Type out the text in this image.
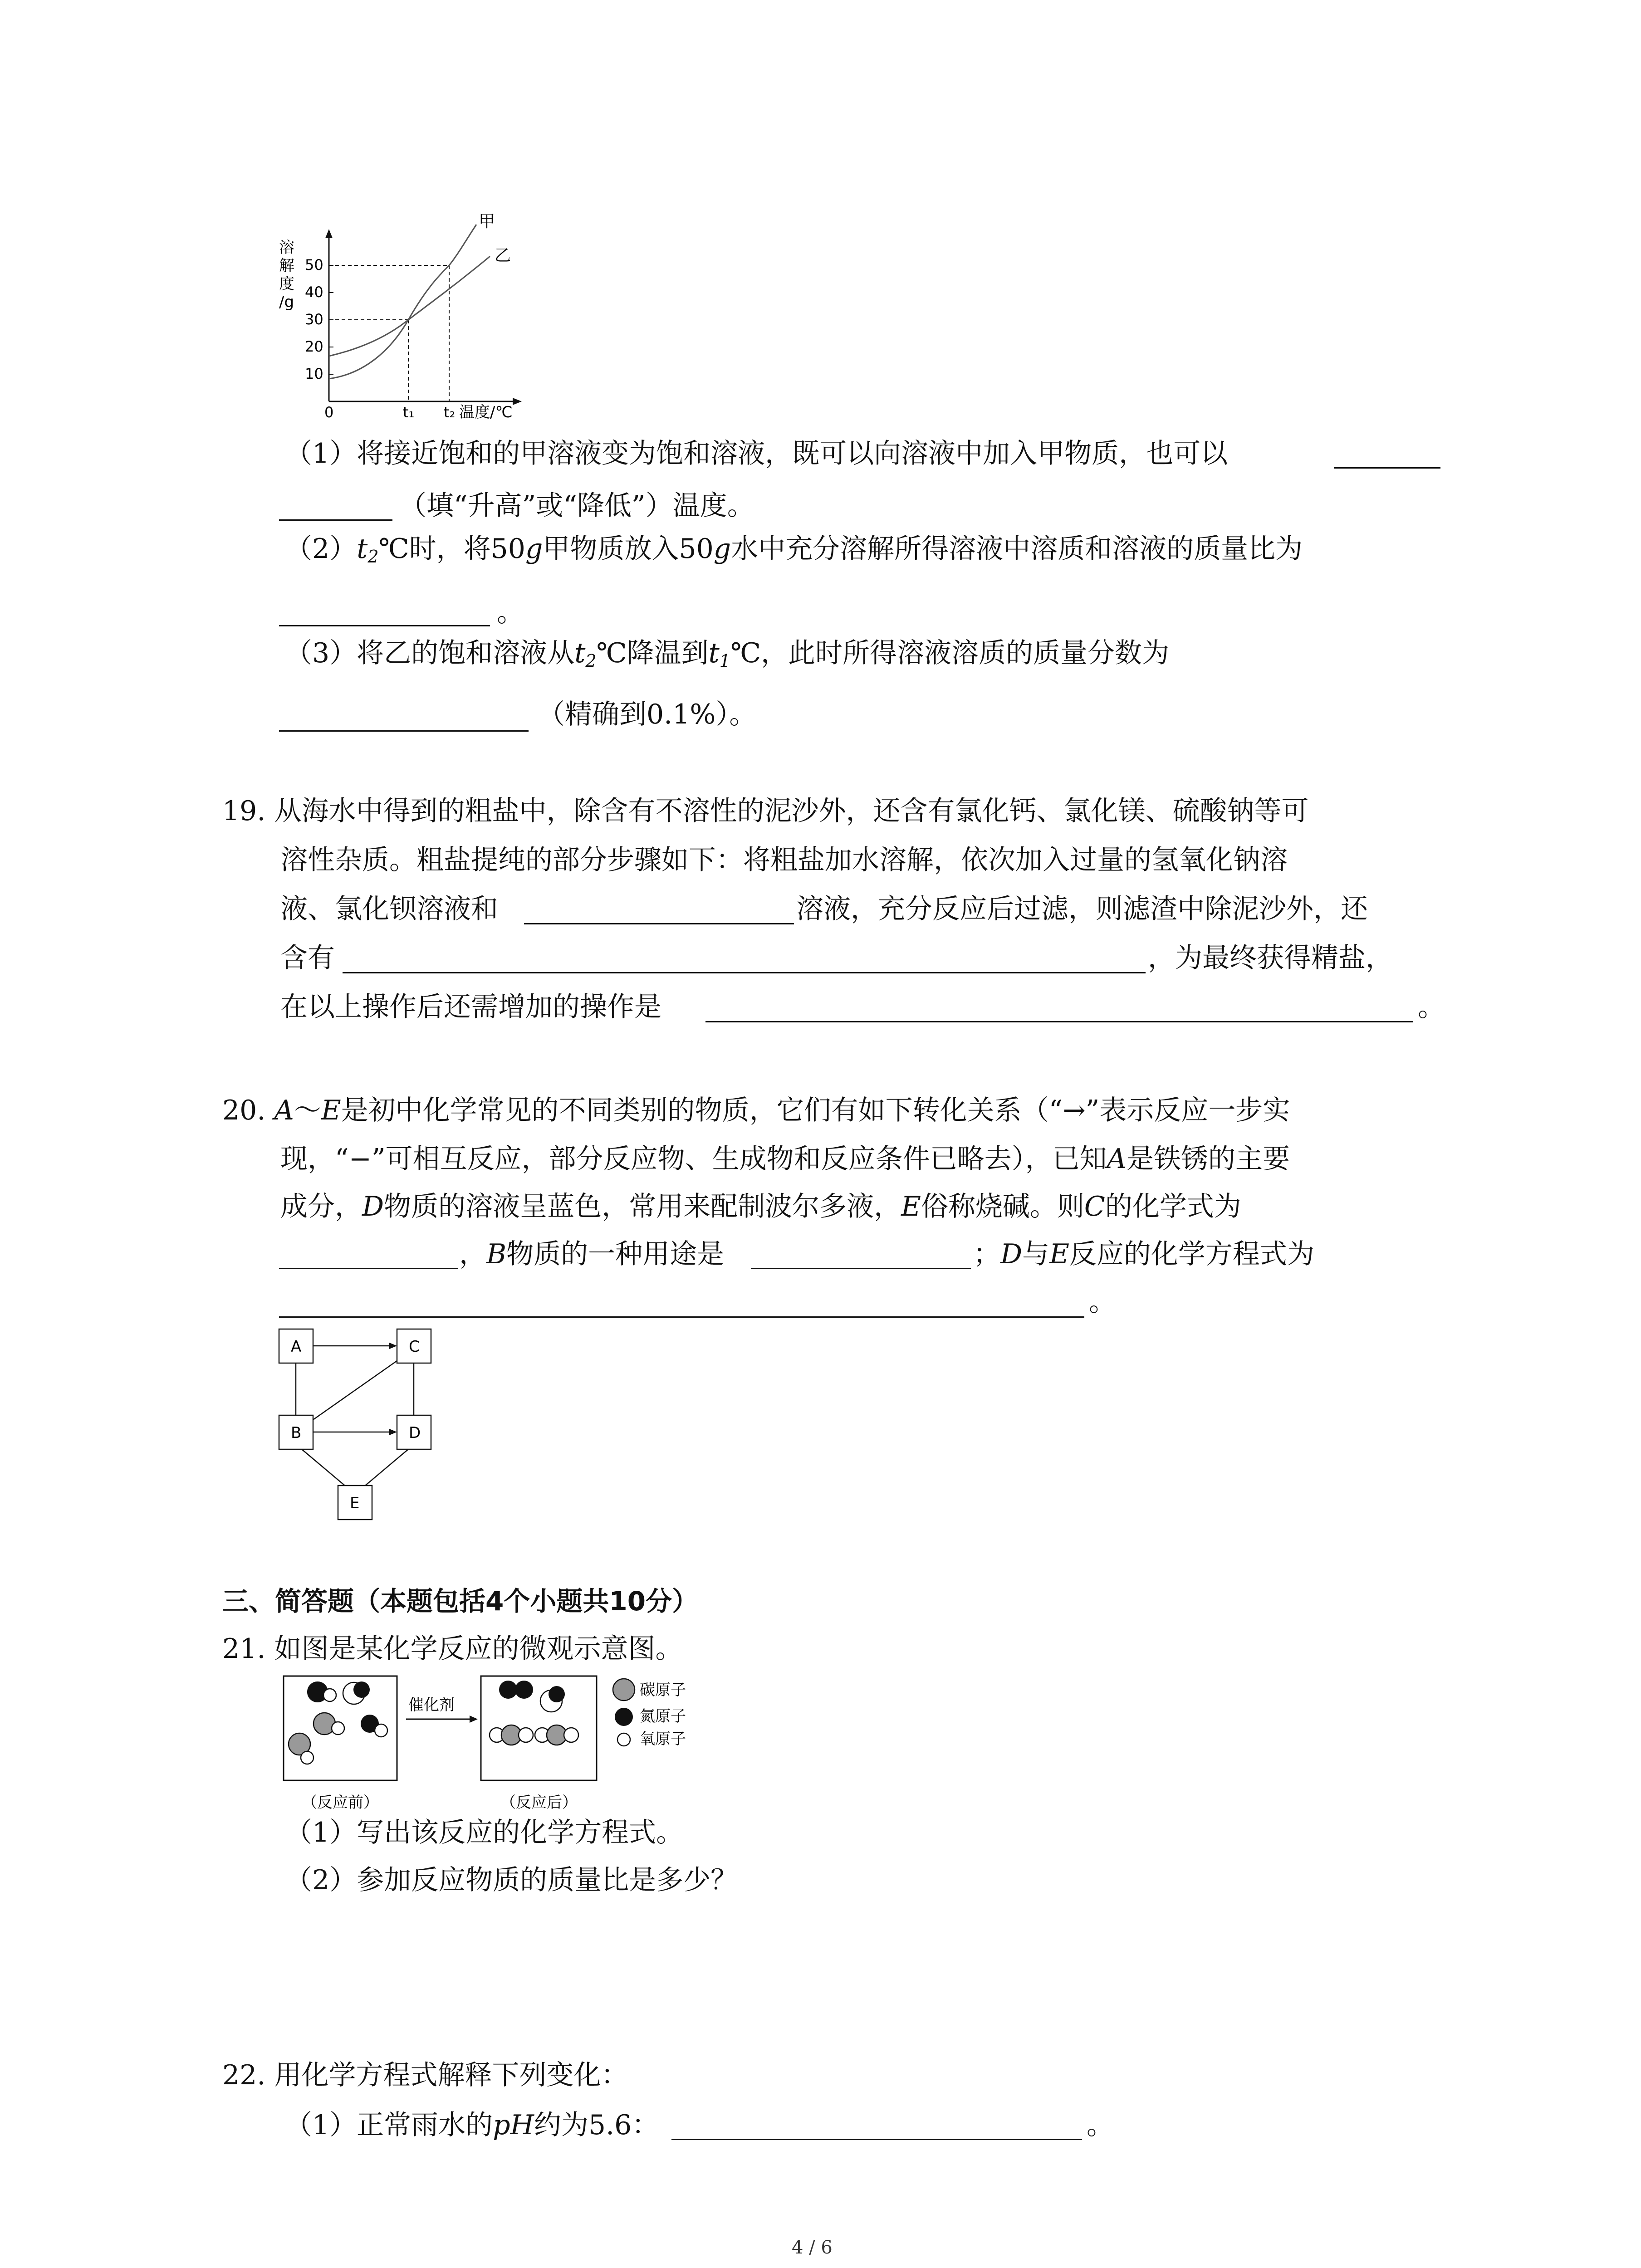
溶
解
度
/g
50
40
30
20
10
甲
乙
0	t₁ t₂ 温度/℃
（1）将接近饱和的甲溶液变为饱和溶液，既可以向溶液中加入甲物质，也可以
（填“升高”或“降低”）温度。
$(2)t_2℃$时，将50g甲物质放入50g水中充分溶解所得溶液中溶质和溶液的质量比为
。
（3）将乙的饱和溶液从$t_2℃$降温到$t_1℃$，此时所得溶液溶质的质量分数为
（精确到0.1%）。
19. 从海水中得到的粗盐中，除含有不溶性的泥沙外，还含有氯化钙、氯化镁、硫酸钠等可
溶性杂质。粗盐提纯的部分步骤如下：将粗盐加水溶解，依次加入过量的氢氧化钠溶
液、氯化钡溶液和	溶液，充分反应后过滤，则滤渣中除泥沙外，还
含有	，为最终获得精盐，
在以上操作后还需增加的操作是	。
20. A～E是初中化学常见的不同类别的物质，它们有如下转化关系（“→”表示反应一步实
现，“−”可相互反应，部分反应物、生成物和反应条件已略去），已知A是铁锈的主要
成分，D物质的溶液呈蓝色，常用来配制波尔多液，E俗称烧碱。则C的化学式为
，B物质的一种用途是	；D与E反应的化学方程式为
。
A	C
B	D
E
三、简答题（本题包括4个小题共10分）
21. 如图是某化学反应的微观示意图。
催化剂
碳原子
氮原子
氧原子
（反应前）	（反应后）
（1）写出该反应的化学方程式。
（2）参加反应物质的质量比是多少？
22. 用化学方程式解释下列变化：
（1）正常雨水的pH约为5.6：	。
4 / 6
